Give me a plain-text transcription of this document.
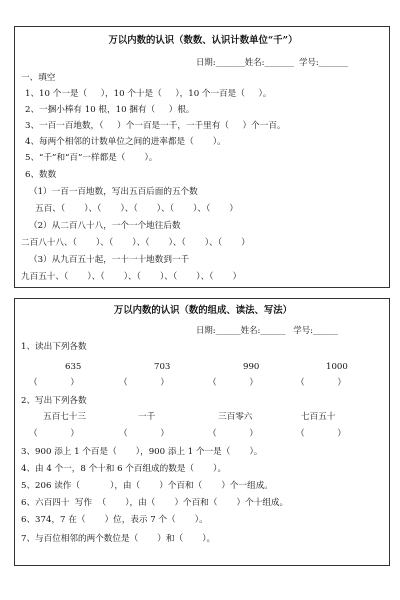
万以内数的认识（数数、认识计数单位“千”）
日期:_______姓名:_______  学号:_______
一、填空
1、10 个一是（     ），10 个十是（     ），10 个一百是（     ）。
2、一捆小棒有 10 根，10 捆有（     ）根。
3、一百一百地数，（     ）个一百是一千，一千里有（     ）个一百。
4、每两个相邻的计数单位之间的进率都是（       ）。
5、“千”和“百”一样都是（       ）。
6、数数
（1）一百一百地数，写出五百后面的五个数
五百、（       ）、（       ）、（       ）、（       ）、（       ）
（2）从二百八十八，一个一个地往后数
二百八十八、（       ）、（       ）、（       ）、（       ）、（       ）
（3）从九百五十起，一十一十地数到一千
九百五十、（       ）、（       ）、（       ）、（       ）、（       ）
万以内数的认识（数的组成、读法、写法）
日期:______姓名:______   学号:______
1、读出下列各数
635	703	990	1000
（            ）	（            ）	（            ）	（            ）
2、写出下列各数
五百七十三	一千	三百零六	七百五十
（            ）	（            ）	（            ）	（            ）
3、900 添上 1 个百是（       ），900 添上 1 个一是（       ）。
4、由 4 个一，8 个十和 6 个百组成的数是（       ）。
5、206 读作（           ），由（       ）个百和（       ）个一组成。
6、六百四十  写作  （       ），由（       ）个百和（       ）个十组成。
6、374，7 在（       ）位，表示 7 个（       ）。
7、与百位相邻的两个数位是（       ）和（       ）。
